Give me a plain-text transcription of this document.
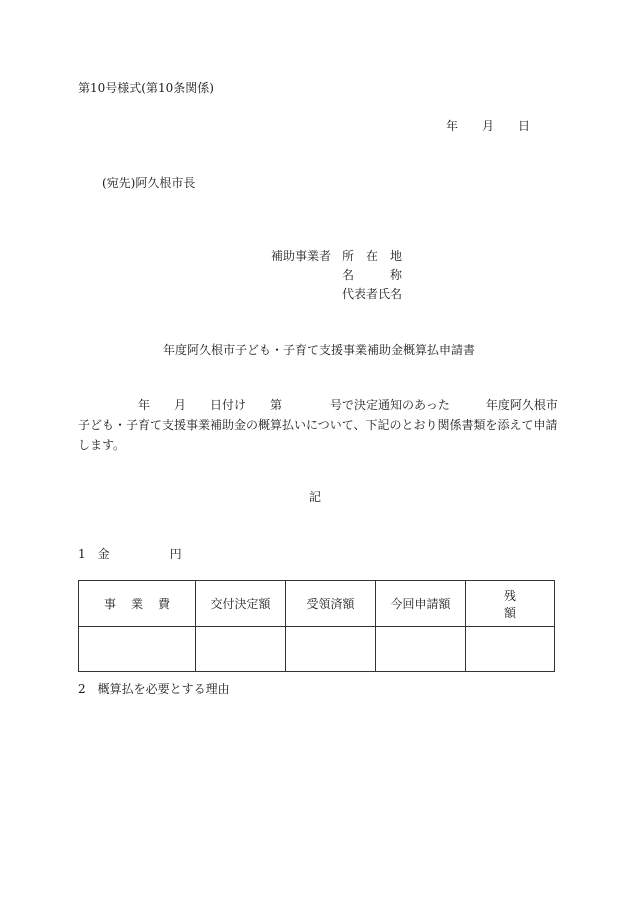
第10号様式(第10条関係)
年　　月　　日
(宛先)阿久根市長
補助事業者 所　在　地
名　　　称
代表者氏名
年度阿久根市子ども・子育て支援事業補助金概算払申請書
　　　　　年　　月　　日付け　　第　　　　号で決定通知のあった　　　年度阿久根市
子ども・子育て支援事業補助金の概算払いについて、下記のとおり関係書類を添えて申請
します。
記
1　金　　　　　円
事業費	交付決定額	受領済額	今回申請額	残額

2　概算払を必要とする理由
